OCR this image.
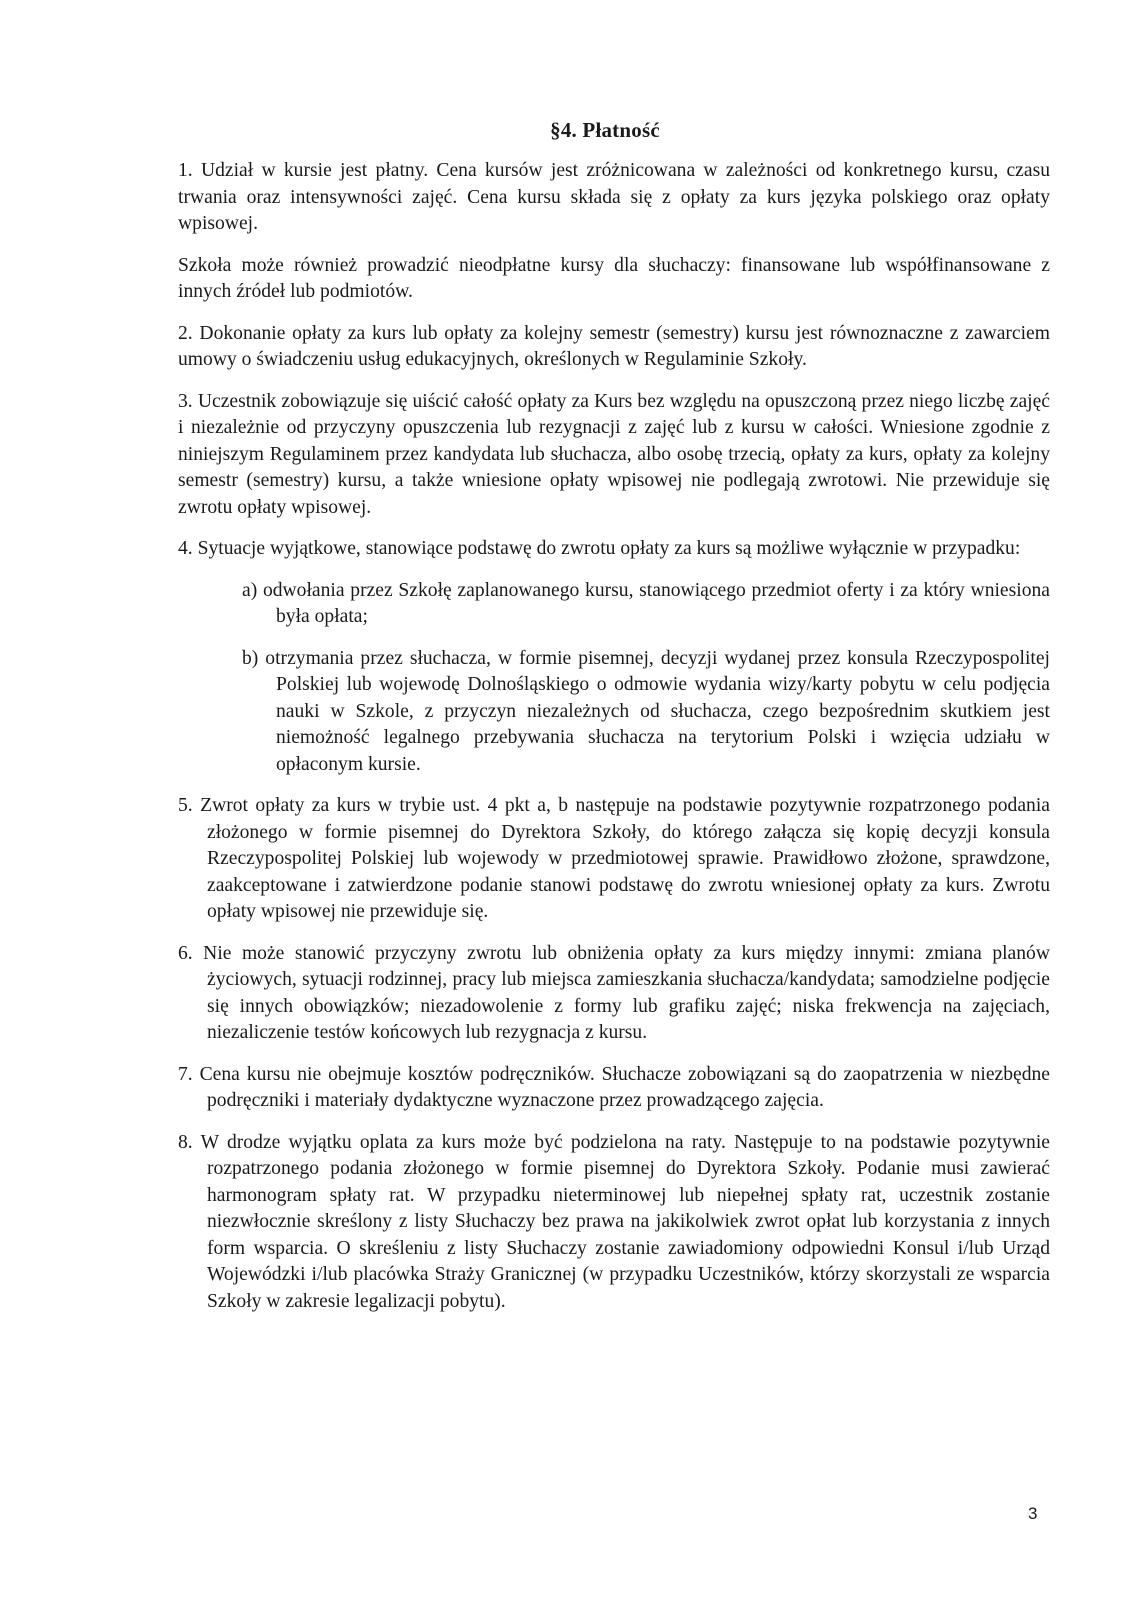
§4. Płatność

1. Udział w kursie jest płatny. Cena kursów jest zróżnicowana w zależności od konkretnego kursu, czasu trwania oraz intensywności zajęć. Cena kursu składa się z opłaty za kurs języka polskiego oraz opłaty wpisowej.

Szkoła może również prowadzić nieodpłatne kursy dla słuchaczy: finansowane lub współfinansowane z innych źródeł lub podmiotów.

2. Dokonanie opłaty za kurs lub opłaty za kolejny semestr (semestry) kursu jest równoznaczne z zawarciem umowy o świadczeniu usług edukacyjnych, określonych w Regulaminie Szkoły.

3. Uczestnik zobowiązuje się uiścić całość opłaty za Kurs bez względu na opuszczoną przez niego liczbę zajęć i niezależnie od przyczyny opuszczenia lub rezygnacji z zajęć lub z kursu w całości. Wniesione zgodnie z niniejszym Regulaminem przez kandydata lub słuchacza, albo osobę trzecią, opłaty za kurs, opłaty za kolejny semestr (semestry) kursu, a także wniesione opłaty wpisowej nie podlegają zwrotowi. Nie przewiduje się zwrotu opłaty wpisowej.

4. Sytuacje wyjątkowe, stanowiące podstawę do zwrotu opłaty za kurs są możliwe wyłącznie w przypadku:

a) odwołania przez Szkołę zaplanowanego kursu, stanowiącego przedmiot oferty i za który wniesiona była opłata;

b) otrzymania przez słuchacza, w formie pisemnej, decyzji wydanej przez konsula Rzeczypospolitej Polskiej lub wojewodę Dolnośląskiego o odmowie wydania wizy/karty pobytu w celu podjęcia nauki w Szkole, z przyczyn niezależnych od słuchacza, czego bezpośrednim skutkiem jest niemożność legalnego przebywania słuchacza na terytorium Polski i wzięcia udziału w opłaconym kursie.

5. Zwrot opłaty za kurs w trybie ust. 4 pkt a, b następuje na podstawie pozytywnie rozpatrzonego podania złożonego w formie pisemnej do Dyrektora Szkoły, do którego załącza się kopię decyzji konsula Rzeczypospolitej Polskiej lub wojewody w przedmiotowej sprawie. Prawidłowo złożone, sprawdzone, zaakceptowane i zatwierdzone podanie stanowi podstawę do zwrotu wniesionej opłaty za kurs. Zwrotu opłaty wpisowej nie przewiduje się.

6. Nie może stanowić przyczyny zwrotu lub obniżenia opłaty za kurs między innymi: zmiana planów życiowych, sytuacji rodzinnej, pracy lub miejsca zamieszkania słuchacza/kandydata; samodzielne podjęcie się innych obowiązków; niezadowolenie z formy lub grafiku zajęć; niska frekwencja na zajęciach, niezaliczenie testów końcowych lub rezygnacja z kursu.

7. Cena kursu nie obejmuje kosztów podręczników. Słuchacze zobowiązani są do zaopatrzenia w niezbędne podręczniki i materiały dydaktyczne wyznaczone przez prowadzącego zajęcia.

8. W drodze wyjątku oplata za kurs może być podzielona na raty. Następuje to na podstawie pozytywnie rozpatrzonego podania złożonego w formie pisemnej do Dyrektora Szkoły. Podanie musi zawierać harmonogram spłaty rat. W przypadku nieterminowej lub niepełnej spłaty rat, uczestnik zostanie niezwłocznie skreślony z listy Słuchaczy bez prawa na jakikolwiek zwrot opłat lub korzystania z innych form wsparcia. O skreśleniu z listy Słuchaczy zostanie zawiadomiony odpowiedni Konsul i/lub Urząd Wojewódzki i/lub placówka Straży Granicznej (w przypadku Uczestników, którzy skorzystali ze wsparcia Szkoły w zakresie legalizacji pobytu).

3
